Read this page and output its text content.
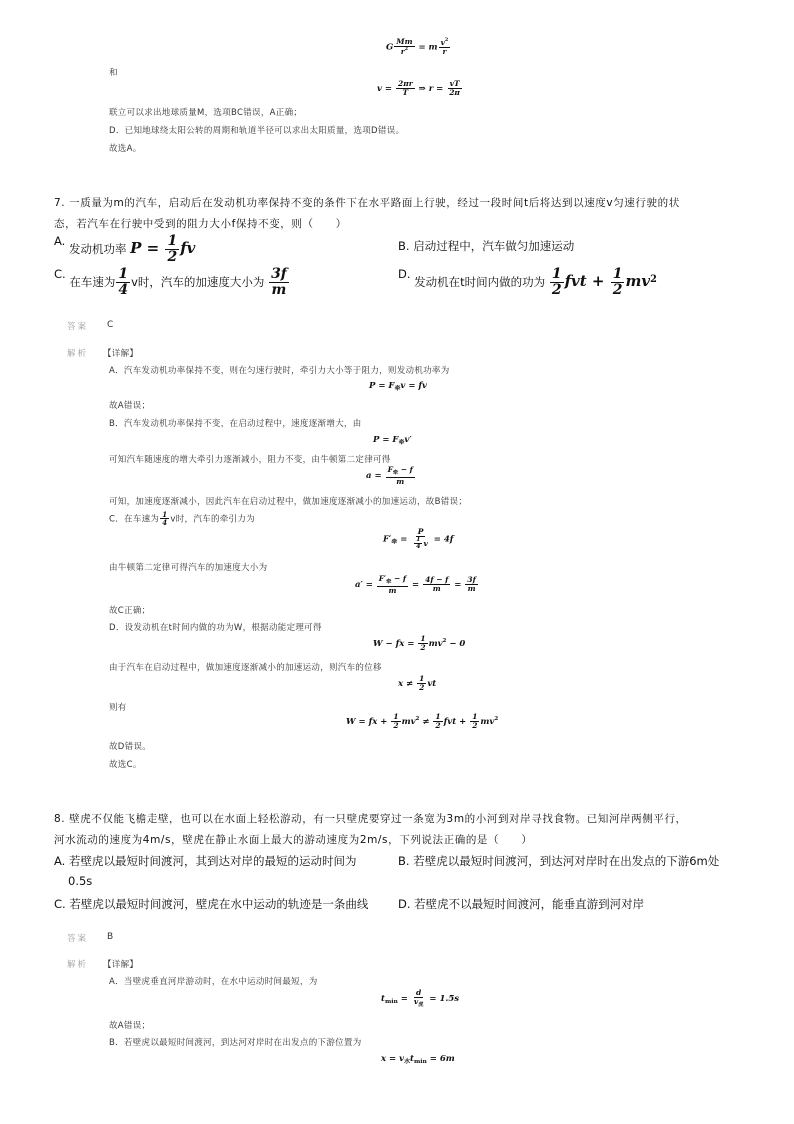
G $\frac{Mm}{r^2} = m \frac{v^2}{r}$
和
$v = \frac{2\pi r}{T}$ ⇒ $r = \frac{vT}{2\pi}$
联立可以求出地球质量M，选项BC错误，A正确；
D．已知地球绕太阳公转的周期和轨道半径可以求出太阳质量，选项D错误。
故选A。
7. 一质量为m的汽车，启动后在发动机功率保持不变的条件下在水平路面上行驶，经过一段时间t后将达到以速度v匀速行驶的状
态，若汽车在行驶中受到的阻力大小f保持不变，则（　　）
A. 发动机功率 $P = \frac{1}{2}$ fv	B. 启动过程中，汽车做匀加速运动
C. 在车速为 $\frac{1}{4}$ v时，汽车的加速度大小为 $\frac{3f}{m}$	D. 发动机在t时间内做的功为 $\frac{1}{2}$ fvt + $\frac{1}{2} mv^2$
答案 C
解析 【详解】
A．汽车发动机功率保持不变，则在匀速行驶时，牵引力大小等于阻力，则发动机功率为
$P = F_牵v$ = fv
故A错误；
B．汽车发动机功率保持不变，在启动过程中，速度逐渐增大，由
$P = F_牵v'$
可知汽车随速度的增大牵引力逐渐减小，阻力不变，由牛顿第二定律可得
a =
$F_牵 - f$
m
可知，加速度逐渐减小，因此汽车在启动过程中，做加速度逐渐减小的加速运动，故B错误；
C．在车速为 $\frac{1}{4}$ v时，汽车的牵引力为
$F'_牵 = \frac{P}{\frac{1}{4} v} = 4f$
由牛顿第二定律可得汽车的加速度大小为
a′ =
$F'_牵 - f$
$m = \frac{4f - f}{m} = \frac{3f}{m}$
故C正确；
D．设发动机在t时间内做的功为W，根据动能定理可得
W − fx = $\frac{1}{2} mv^2 - 0$
由于汽车在启动过程中，做加速度逐渐减小的加速运动，则汽车的位移
$x \ne \frac{1}{2}$ vt
则有
W = fx + $\frac{1}{2} mv^2 \ne \frac{1}{2}$ fvt + $\frac{1}{2} mv^2$
故D错误。
故选C。
8. 壁虎不仅能飞檐走壁，也可以在水面上轻松游动，有一只壁虎要穿过一条宽为3m的小河到对岸寻找食物。已知河岸两侧平行，
河水流动的速度为4m/s，壁虎在静止水面上最大的游动速度为2m/s，下列说法正确的是（　　）
A. 若壁虎以最短时间渡河，其到达对岸的最短的运动时间为
0.5s
B. 若壁虎以最短时间渡河，到达河对岸时在出发点的下游6m处
C. 若壁虎以最短时间渡河，壁虎在水中运动的轨迹是一条曲线	D. 若壁虎不以最短时间渡河，能垂直游到河对岸
答案 B
解析 【详解】
A．当壁虎垂直河岸游动时，在水中运动时间最短，为
$t_{min}$ =
d
$v_虎$
= 1.5s
故A错误；
B．若壁虎以最短时间渡河，到达河对岸时在出发点的下游位置为
$x = v_水t_{min} = 6m$
